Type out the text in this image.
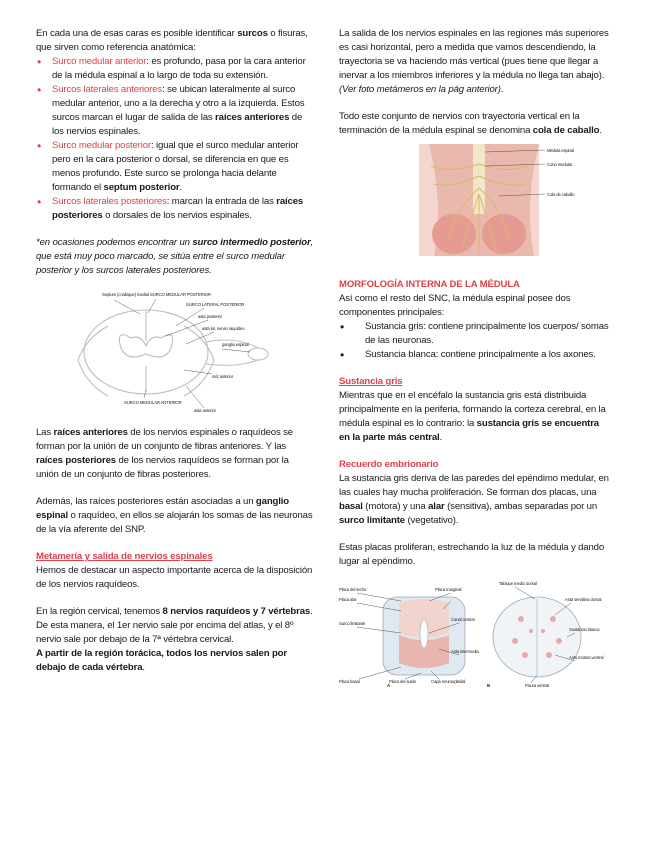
En cada una de esas caras es posible identificar surcos o fisuras, que sirven como referencia anatómica:

• Surco medular anterior: es profundo, pasa por la cara anterior de la médula espinal a lo largo de toda su extensión.
• Surcos laterales anteriores: se ubican lateralmente al surco medular anterior, uno a la derecha y otro a la izquierda. Estos surcos marcan el lugar de salida de las raíces anteriores de los nervios espinales.
• Surco medular posterior: igual que el surco medular anterior pero en la cara posterior o dorsal, se diferencia en que es menos profundo. Este surco se prolonga hacia delante formando el septum posterior.
• Surcos laterales posteriores: marcan la entrada de las raíces posteriores o dorsales de los nervios espinales.

*en ocasiones podemos encontrar un surco intermedio posterior, que está muy poco marcado, se sitúa entre el surco medular posterior y los surcos laterales posteriores.

Septum (o tabique) medial SURCO MEDULAR POSTERIOR
SURCO LATERAL POSTERIOR
asta posterior
asta lat. nervio raquídeo
ganglio espinal
raíz anterior
SURCO MEDULAR ANTERIOR
asta anterior

Las raíces anteriores de los nervios espinales o raquídeos se forman por la unión de un conjunto de fibras anteriores. Y las raíces posteriores de los nervios raquídeos se forman por la unión de un conjunto de fibras posteriores.

Además, las raíces posteriores están asociadas a un ganglio espinal o raquídeo, en ellos se alojarán los somas de las neuronas de la vía aferente del SNP.

Metamería y salida de nervios espinales

Hemos de destacar un aspecto importante acerca de la disposición de los nervios raquídeos.

En la región cervical, tenemos 8 nervios raquídeos y 7 vértebras. De esta manera, el 1er nervio sale por encima del atlas, y el 8º nervio sale por debajo de la 7ª vértebra cervical.

A partir de la región torácica, todos los nervios salen por debajo de cada vértebra.

La salida de los nervios espinales en las regiones más superiores es casi horizontal, pero a medida que vamos descendiendo, la trayectoria se va haciendo más vertical (pues tiene que llegar a inervar a los miembros inferiores y la médula no llega tan abajo). (Ver foto metámeros en la pág anterior).

Todo este conjunto de nervios con trayectoria vertical en la terminación de la médula espinal se denomina cola de caballo.

Médula espinal
Cono medular
Cola de caballo

MORFOLOGÍA INTERNA DE LA MÉDULA

Así como el resto del SNC, la médula espinal posee dos componentes principales:

• Sustancia gris: contiene principalmente los cuerpos/ somas de las neuronas.
• Sustancia blanca: contiene principalmente a los axones.

Sustancia gris

Mientras que en el encéfalo la sustancia gris está distribuida principalmente en la periferia, formando la corteza cerebral, en la médula espinal es lo contrario: la sustancia gris se encuentra en la parte más central.

Recuerdo embrionario

La sustancia gris deriva de las paredes del epéndimo medular, en las cuales hay mucha proliferación. Se forman dos placas, una basal (motora) y una alar (sensitiva), ambas separadas por un surco limitante (vegetativo).

Estas placas proliferan, estrechando la luz de la médula y dando lugar al epéndimo.

Placa del techo
Placa alar
Placa marginal
Surco limitante
Canal central
Asta intermedia
Placa basal	Placa del suelo	Capa neuroepitelial
Tabique medio dorsal
Asta sensitiva dorsal
Sustancia blanca
Asta motora ventral
Fisura ventral
A	B
